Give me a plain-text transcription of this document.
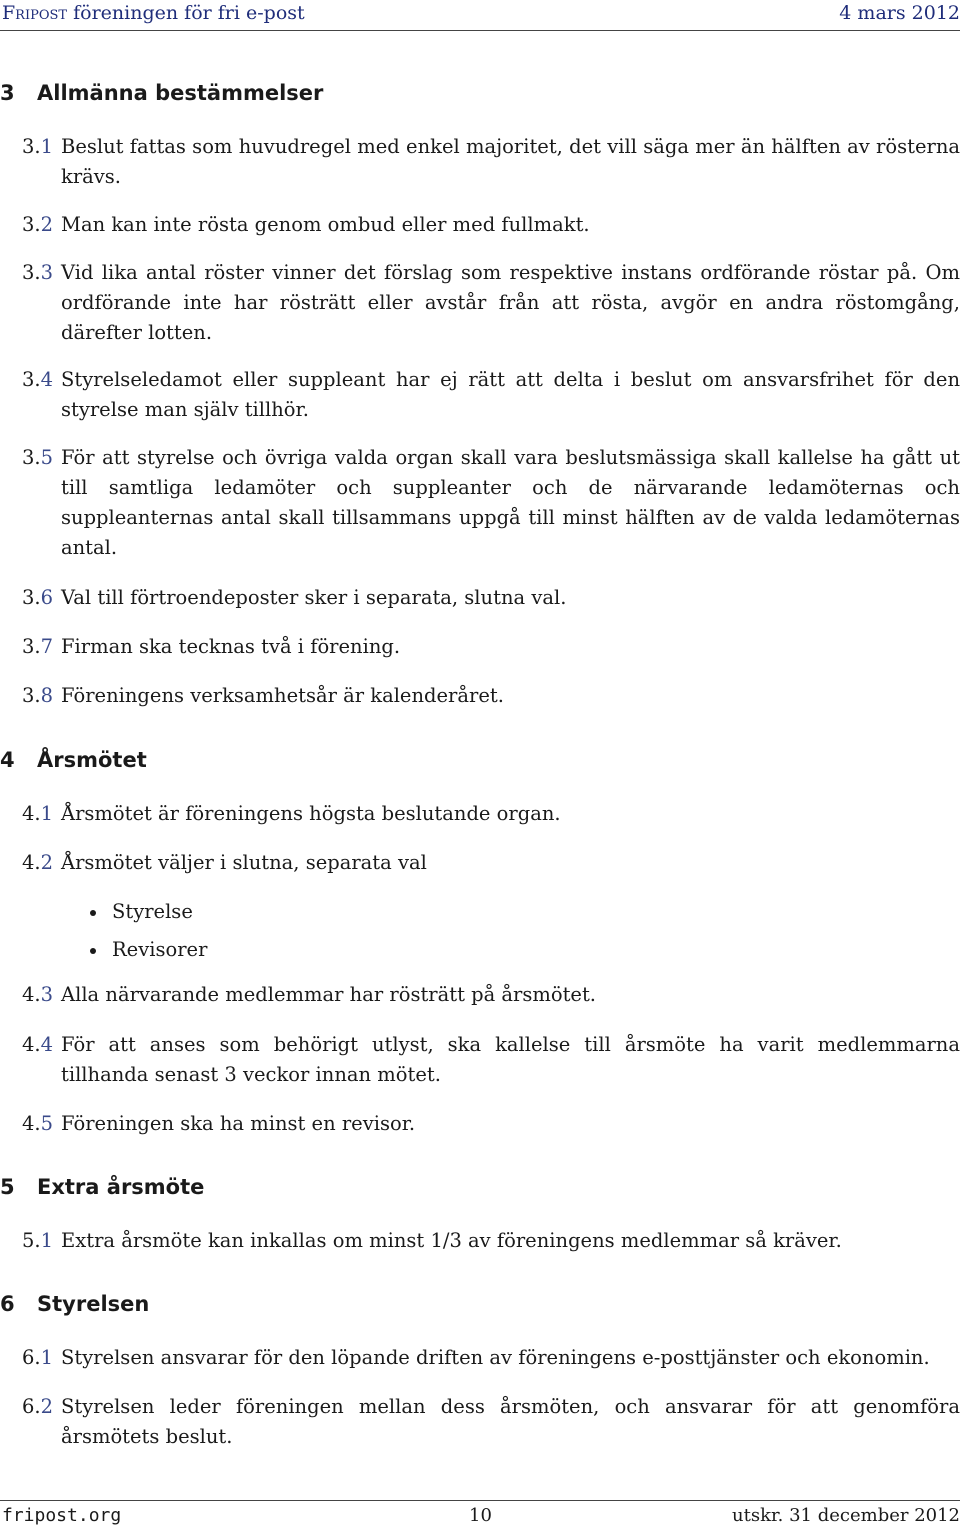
Fripost föreningen för fri e-post	4 mars 2012
3 Allmänna bestämmelser
3.1 Beslut fattas som huvudregel med enkel majoritet, det vill säga mer än hälften av rösterna krävs.
3.2 Man kan inte rösta genom ombud eller med fullmakt.
3.3 Vid lika antal röster vinner det förslag som respektive instans ordförande röstar på. Om ordförande inte har rösträtt eller avstår från att rösta, avgör en andra röstomgång, därefter lotten.
3.4 Styrelseledamot eller suppleant har ej rätt att delta i beslut om ansvarsfrihet för den styrelse man själv tillhör.
3.5 För att styrelse och övriga valda organ skall vara beslutsmässiga skall kallelse ha gått ut till samtliga ledamöter och suppleanter och de närvarande ledamöternas och suppleanternas antal skall tillsammans uppgå till minst hälften av de valda ledamöternas antal.
3.6 Val till förtroendeposter sker i separata, slutna val.
3.7 Firman ska tecknas två i förening.
3.8 Föreningens verksamhetsår är kalenderåret.
4 Årsmötet
4.1 Årsmötet är föreningens högsta beslutande organ.
4.2 Årsmötet väljer i slutna, separata val
Styrelse
Revisorer
4.3 Alla närvarande medlemmar har rösträtt på årsmötet.
4.4 För att anses som behörigt utlyst, ska kallelse till årsmöte ha varit medlemmarna tillhanda senast 3 veckor innan mötet.
4.5 Föreningen ska ha minst en revisor.
5 Extra årsmöte
5.1 Extra årsmöte kan inkallas om minst 1/3 av föreningens medlemmar så kräver.
6 Styrelsen
6.1 Styrelsen ansvarar för den löpande driften av föreningens e-posttjänster och ekonomin.
6.2 Styrelsen leder föreningen mellan dess årsmöten, och ansvarar för att genomföra årsmötets beslut.
fripost.org	10	utskr. 31 december 2012
